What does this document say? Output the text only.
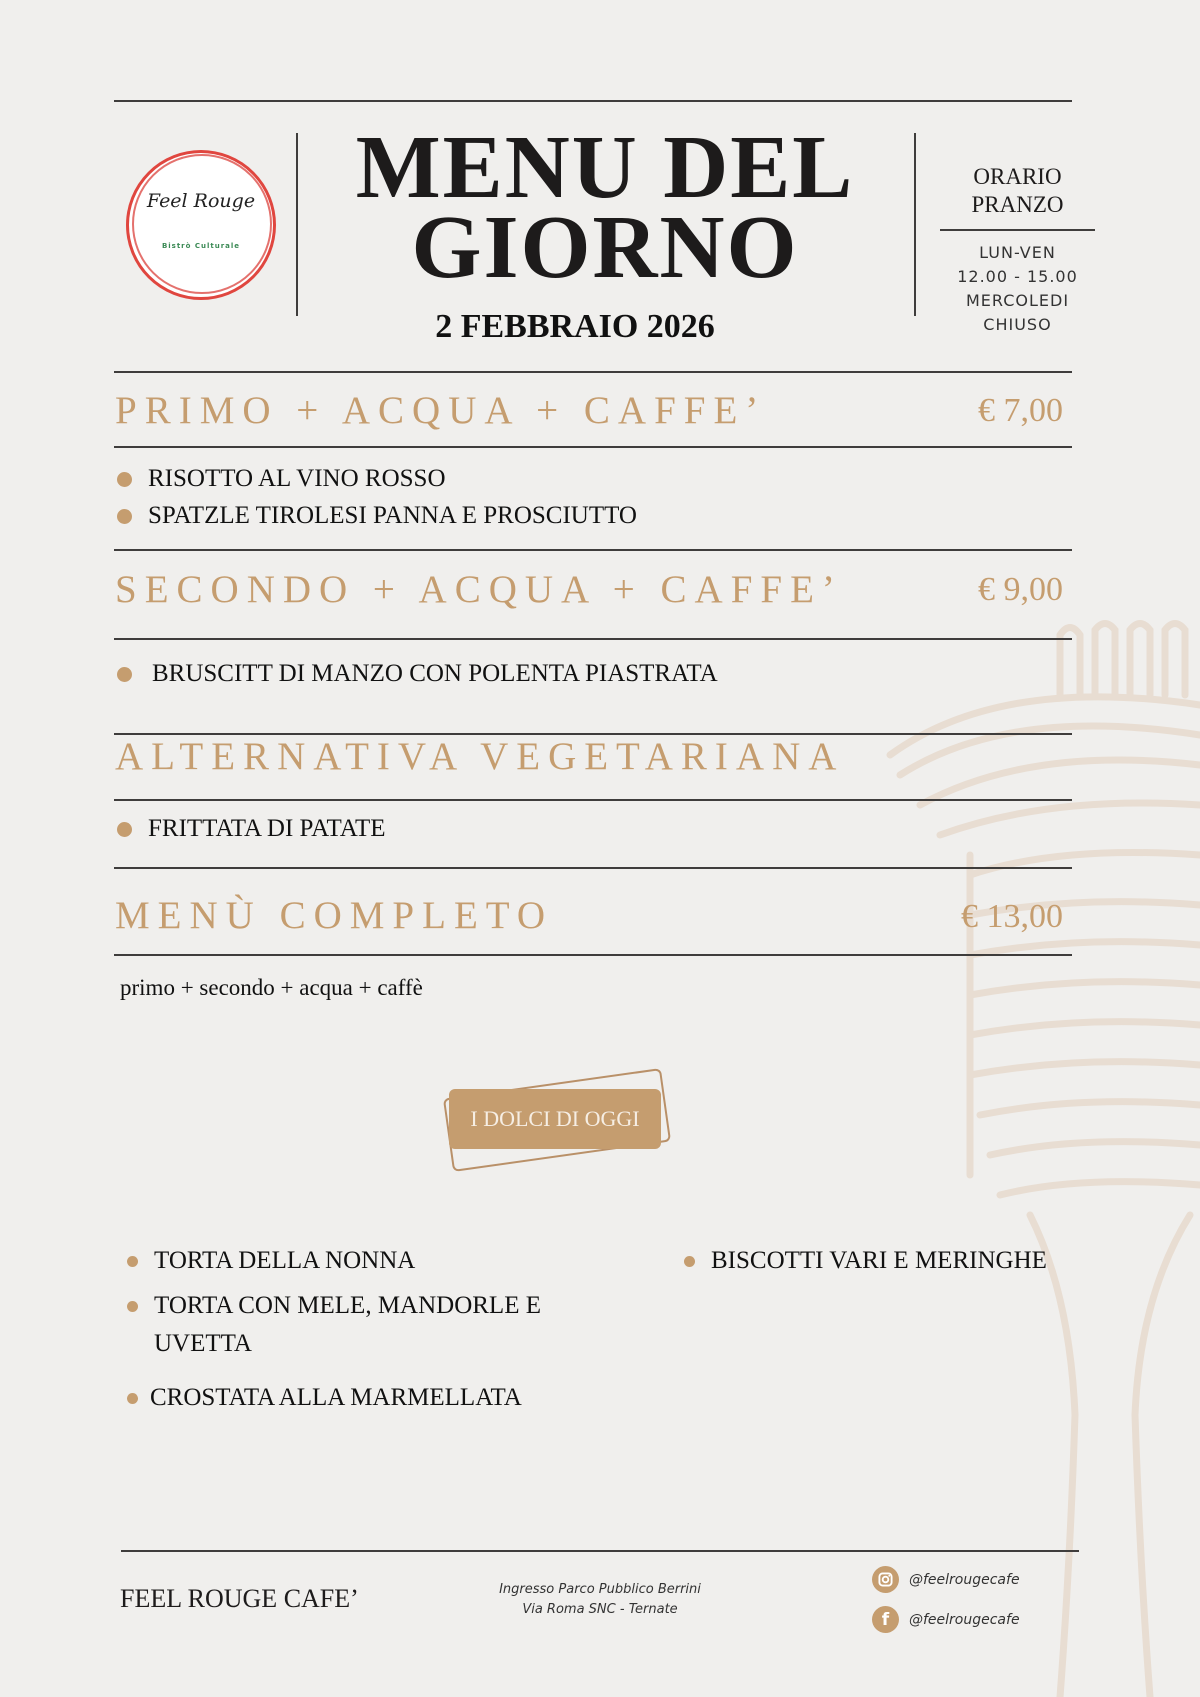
Feel Rouge
Bistrò Culturale
MENU DEL
GIORNO
2 FEBBRAIO 2026
ORARIO
PRANZO
LUN-VEN
12.00 - 15.00
MERCOLEDI
CHIUSO
PRIMO + ACQUA + CAFFE’	€ 7,00
RISOTTO AL VINO ROSSO
SPATZLE TIROLESI PANNA E PROSCIUTTO
SECONDO + ACQUA + CAFFE’	€ 9,00
BRUSCITT DI MANZO CON POLENTA PIASTRATA
ALTERNATIVA VEGETARIANA
FRITTATA DI PATATE
MENÙ COMPLETO	€ 13,00
primo + secondo + acqua + caffè
I DOLCI DI OGGI
TORTA DELLA NONNA
TORTA CON MELE, MANDORLE E
UVETTA
CROSTATA ALLA MARMELLATA
BISCOTTI VARI E MERINGHE
FEEL ROUGE CAFE’	Ingresso Parco Pubblico Berrini
Via Roma SNC - Ternate
@feelrougecafe
f	@feelrougecafe
